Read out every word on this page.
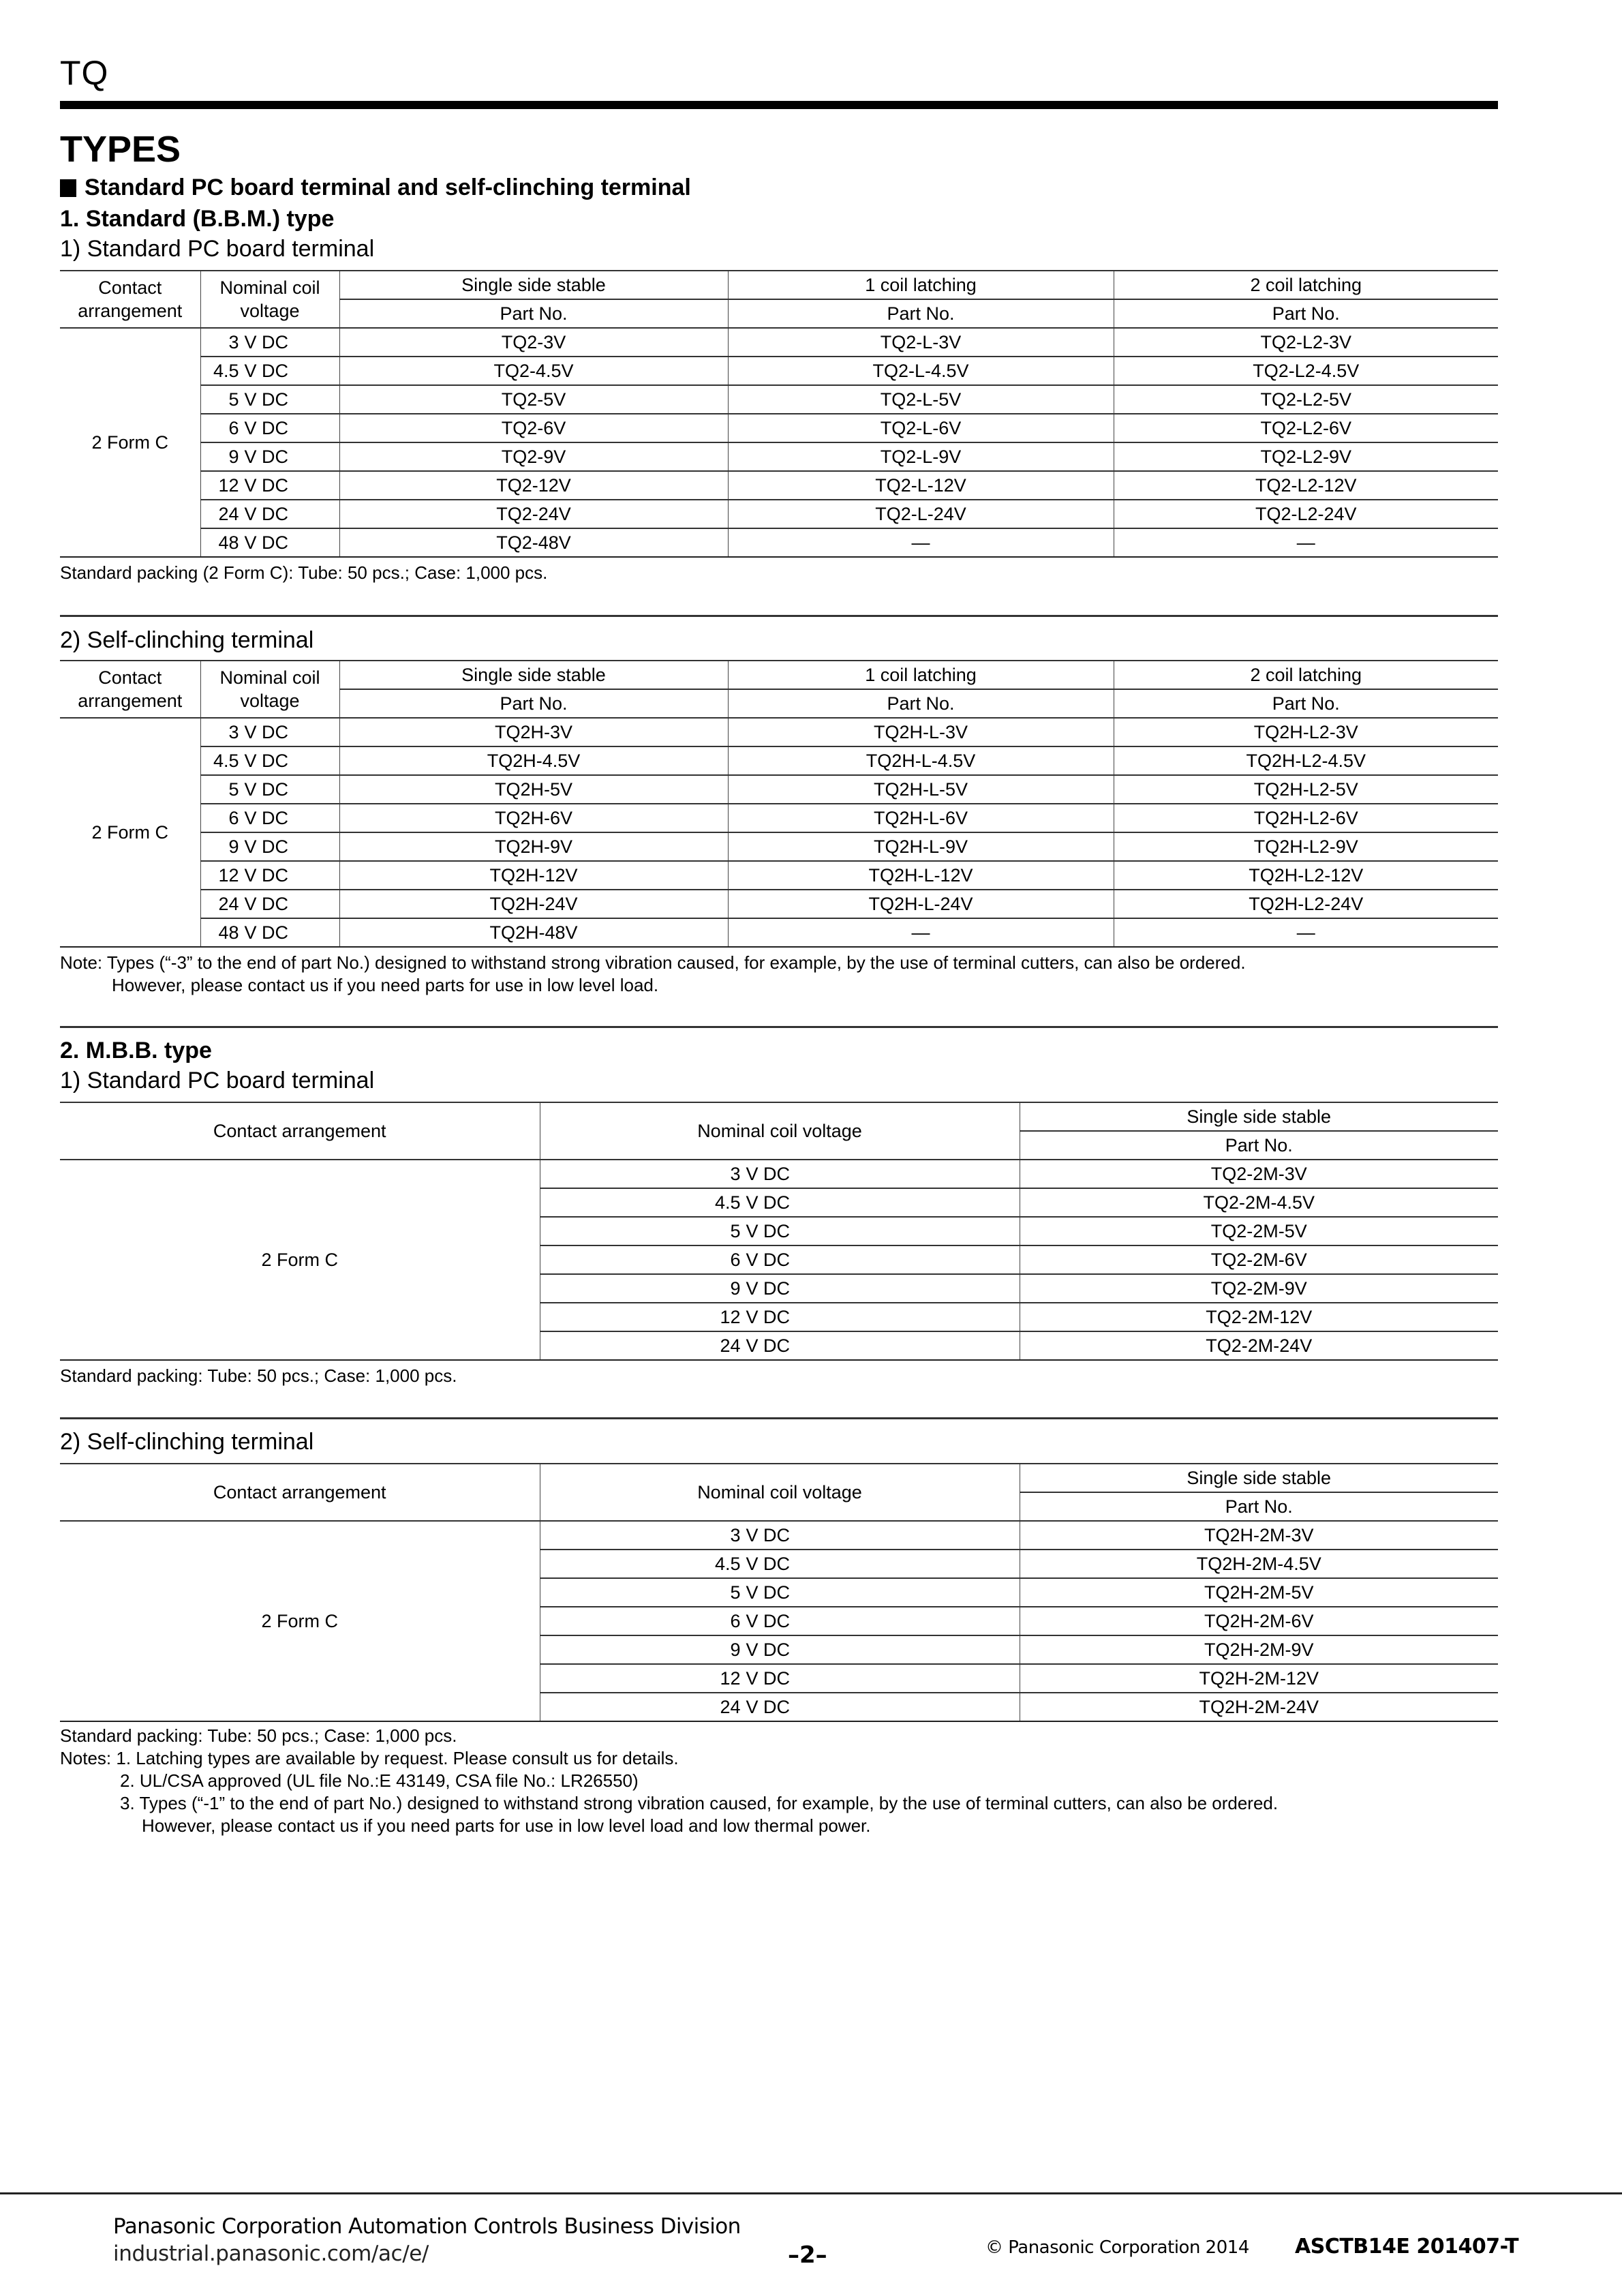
TQ
TYPES
Standard PC board terminal and self-clinching terminal
1. Standard (B.B.M.) type
1) Standard PC board terminal
Contact arrangement	Nominal coil voltage	Single side stable	1 coil latching	2 coil latching
		Part No.	Part No.	Part No.
2 Form C	3 V DC	TQ2-3V	TQ2-L-3V	TQ2-L2-3V
	4.5 V DC	TQ2-4.5V	TQ2-L-4.5V	TQ2-L2-4.5V
	5 V DC	TQ2-5V	TQ2-L-5V	TQ2-L2-5V
	6 V DC	TQ2-6V	TQ2-L-6V	TQ2-L2-6V
	9 V DC	TQ2-9V	TQ2-L-9V	TQ2-L2-9V
	12 V DC	TQ2-12V	TQ2-L-12V	TQ2-L2-12V
	24 V DC	TQ2-24V	TQ2-L-24V	TQ2-L2-24V
	48 V DC	TQ2-48V	—	—
Standard packing (2 Form C): Tube: 50 pcs.; Case: 1,000 pcs.
2) Self-clinching terminal
Contact arrangement	Nominal coil voltage	Single side stable	1 coil latching	2 coil latching
		Part No.	Part No.	Part No.
2 Form C	3 V DC	TQ2H-3V	TQ2H-L-3V	TQ2H-L2-3V
	4.5 V DC	TQ2H-4.5V	TQ2H-L-4.5V	TQ2H-L2-4.5V
	5 V DC	TQ2H-5V	TQ2H-L-5V	TQ2H-L2-5V
	6 V DC	TQ2H-6V	TQ2H-L-6V	TQ2H-L2-6V
	9 V DC	TQ2H-9V	TQ2H-L-9V	TQ2H-L2-9V
	12 V DC	TQ2H-12V	TQ2H-L-12V	TQ2H-L2-12V
	24 V DC	TQ2H-24V	TQ2H-L-24V	TQ2H-L2-24V
	48 V DC	TQ2H-48V	—	—
Note: Types (“-3” to the end of part No.) designed to withstand strong vibration caused, for example, by the use of terminal cutters, can also be ordered.
However, please contact us if you need parts for use in low level load.
2. M.B.B. type
1) Standard PC board terminal
Contact arrangement	Nominal coil voltage	Single side stable
		Part No.
2 Form C	3 V DC	TQ2-2M-3V
	4.5 V DC	TQ2-2M-4.5V
	5 V DC	TQ2-2M-5V
	6 V DC	TQ2-2M-6V
	9 V DC	TQ2-2M-9V
	12 V DC	TQ2-2M-12V
	24 V DC	TQ2-2M-24V
Standard packing: Tube: 50 pcs.; Case: 1,000 pcs.
2) Self-clinching terminal
Contact arrangement	Nominal coil voltage	Single side stable
		Part No.
2 Form C	3 V DC	TQ2H-2M-3V
	4.5 V DC	TQ2H-2M-4.5V
	5 V DC	TQ2H-2M-5V
	6 V DC	TQ2H-2M-6V
	9 V DC	TQ2H-2M-9V
	12 V DC	TQ2H-2M-12V
	24 V DC	TQ2H-2M-24V
Standard packing: Tube: 50 pcs.; Case: 1,000 pcs.
Notes: 1. Latching types are available by request. Please consult us for details.
2. UL/CSA approved (UL file No.:E 43149, CSA file No.: LR26550)
3. Types (“-1” to the end of part No.) designed to withstand strong vibration caused, for example, by the use of terminal cutters, can also be ordered.
However, please contact us if you need parts for use in low level load and low thermal power.
Panasonic Corporation Automation Controls Business Division
industrial.panasonic.com/ac/e/	–2–	© Panasonic Corporation 2014 ASCTB14E 201407-T
